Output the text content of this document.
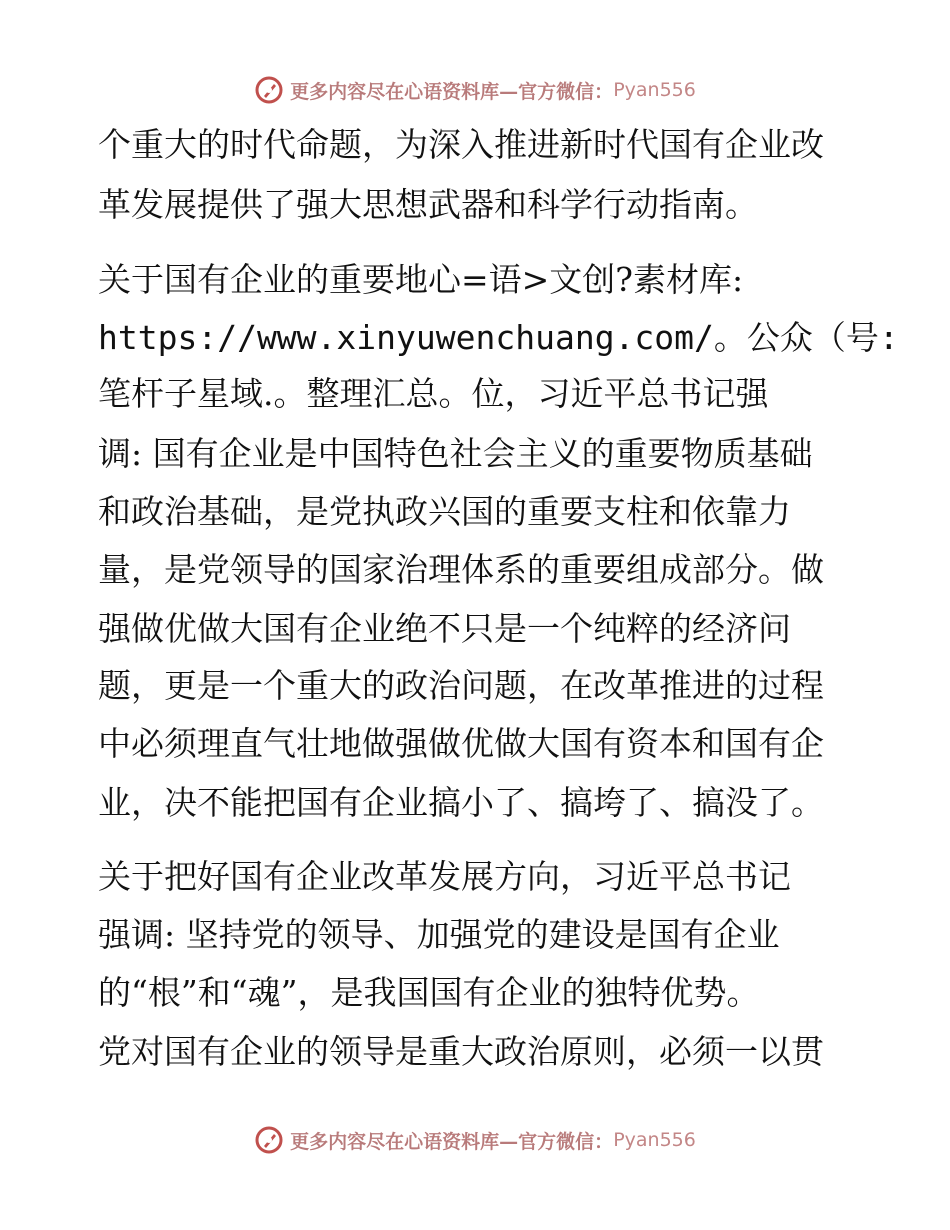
更多内容尽在心语资料库— 官方微信： Pyan556
个重大的时代命题，为深入推进新时代国有企业改
革发展提供了强大思想武器和科学行动指南。
关于国有企业的重要地心=语>文创?素材库:
https://www.xinyuwenchuang.com/。公众（号:
笔杆子星域.。整理汇总。位，习近平总书记强
调: 国有企业是中国特色社会主义的重要物质基础
和政治基础，是党执政兴国的重要支柱和依靠力
量，是党领导的国家治理体系的重要组成部分。做
强做优做大国有企业绝不只是一个纯粹的经济问
题，更是一个重大的政治问题，在改革推进的过程
中必须理直气壮地做强做优做大国有资本和国有企
业，决不能把国有企业搞小了、搞垮了、搞没了。
关于把好国有企业改革发展方向，习近平总书记
强调: 坚持党的领导、加强党的建设是国有企业
的“根”和“魂”，是我国国有企业的独特优势。
党对国有企业的领导是重大政治原则，必须一以贯
更多内容尽在心语资料库— 官方微信： Pyan556
